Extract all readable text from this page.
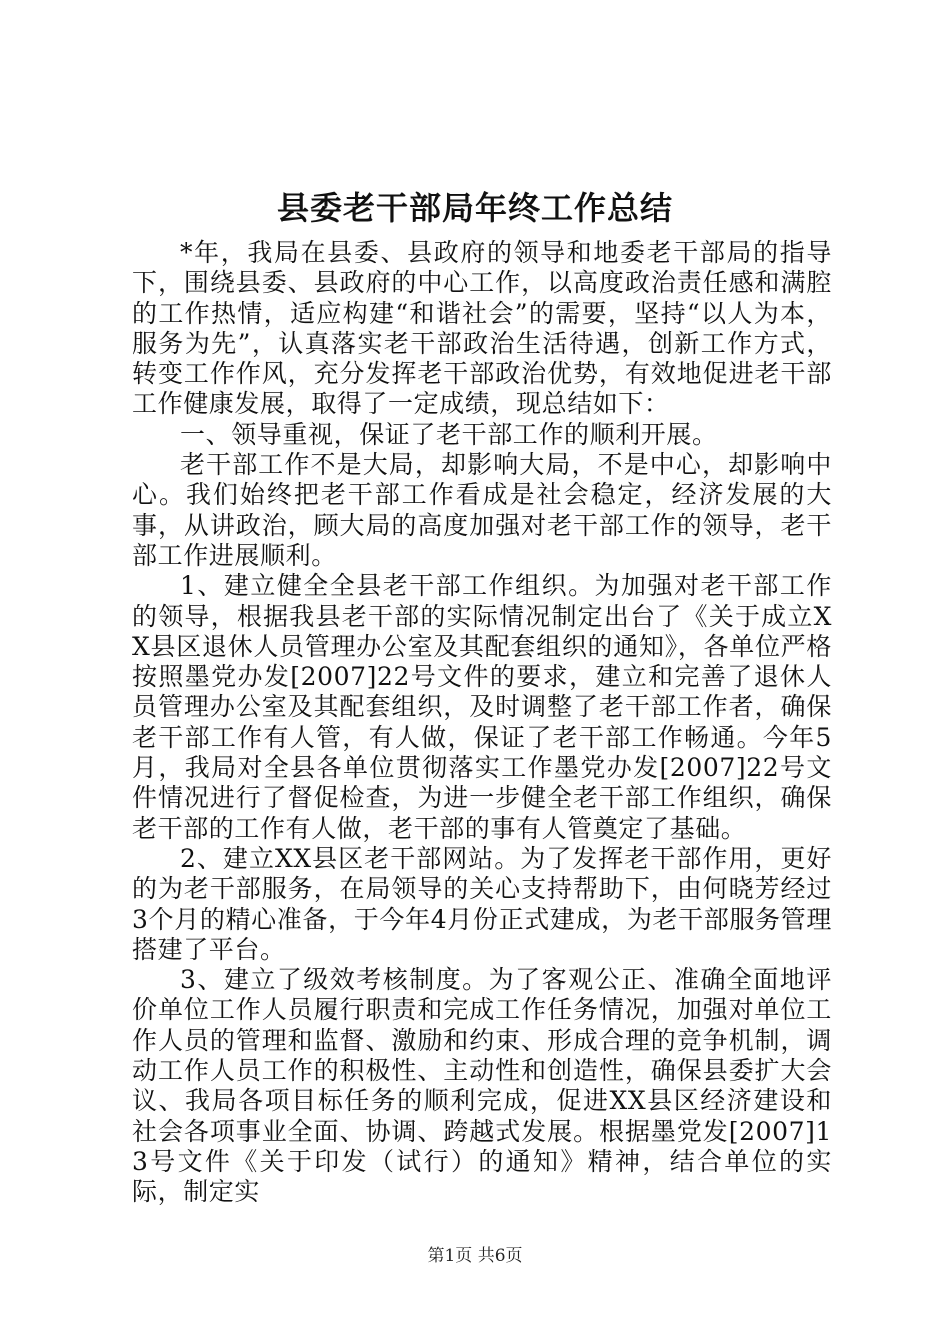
县委老干部局年终工作总结

*年，我局在县委、县政府的领导和地委老干部局的指导下，围绕县委、县政府的中心工作，以高度政治责任感和满腔的工作热情，适应构建“和谐社会”的需要，坚持“以人为本，服务为先”，认真落实老干部政治生活待遇，创新工作方式，转变工作作风，充分发挥老干部政治优势，有效地促进老干部工作健康发展，取得了一定成绩，现总结如下：

一、领导重视，保证了老干部工作的顺利开展。

老干部工作不是大局，却影响大局，不是中心，却影响中心。我们始终把老干部工作看成是社会稳定，经济发展的大事，从讲政治，顾大局的高度加强对老干部工作的领导，老干部工作进展顺利。

1、建立健全全县老干部工作组织。为加强对老干部工作的领导，根据我县老干部的实际情况制定出台了《关于成立XX县区退休人员管理办公室及其配套组织的通知》，各单位严格按照墨党办发[2007]22号文件的要求，建立和完善了退休人员管理办公室及其配套组织，及时调整了老干部工作者，确保老干部工作有人管，有人做，保证了老干部工作畅通。今年5月，我局对全县各单位贯彻落实工作墨党办发[2007]22号文件情况进行了督促检查，为进一步健全老干部工作组织，确保老干部的工作有人做，老干部的事有人管奠定了基础。

2、建立XX县区老干部网站。为了发挥老干部作用，更好的为老干部服务，在局领导的关心支持帮助下，由何晓芳经过3个月的精心准备，于今年4月份正式建成，为老干部服务管理搭建了平台。

3、建立了级效考核制度。为了客观公正、准确全面地评价单位工作人员履行职责和完成工作任务情况，加强对单位工作人员的管理和监督、激励和约束、形成合理的竞争机制，调动工作人员工作的积极性、主动性和创造性，确保县委扩大会议、我局各项目标任务的顺利完成，促进XX县区经济建设和社会各项事业全面、协调、跨越式发展。根据墨党发[2007]13号文件《关于印发（试行）的通知》精神，结合单位的实际，制定实

第1页 共6页
